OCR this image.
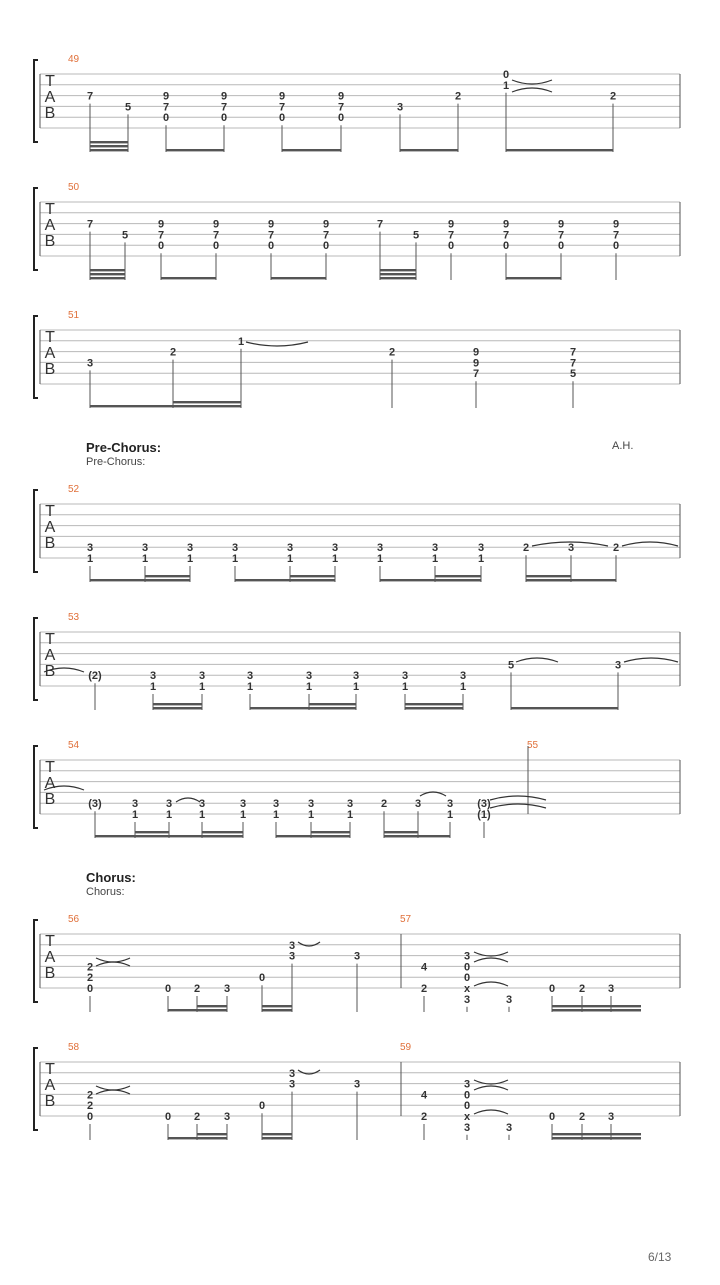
T
A
B
49
7
5
9
7
0
9
7
0
9
7
0
9
7
0
3
2
0
1
2
T
A
B
50
7
5
9
7
0
9
7
0
9
7
0
9
7
0
7
5
9
7
0
9
7
0
9
7
0
9
7
0
T
A
B
51
3
2
1
2	9
9
7
7
7
5
T
A
B
52
3
1
3
1
3
1
3
1
3
1
3
1
3
1
3
1
3
1
2	3	2
T
A
B
53
(2)	3
1
3
1
3
1
3
1
3
1
3
1
3
1
5	3
T
A
B
54	55
(3)	3
1
3
1
3
1
3
1
3
1
3
1
3
1
2	3 3
1
(3)
(1)
T
A
B
56	57
2
2
0	0 2 3
0
3
3	3
4
2
3
0
0
x
3	3
0 2 3
T
A
B
58	59
2
2
0	0 2 3
0
3
3	3
4
2
3
0
0
x
3	3
0 2 3
Pre-Chorus:
Pre-Chorus:
A.H.
Chorus:
Chorus:
6/13
